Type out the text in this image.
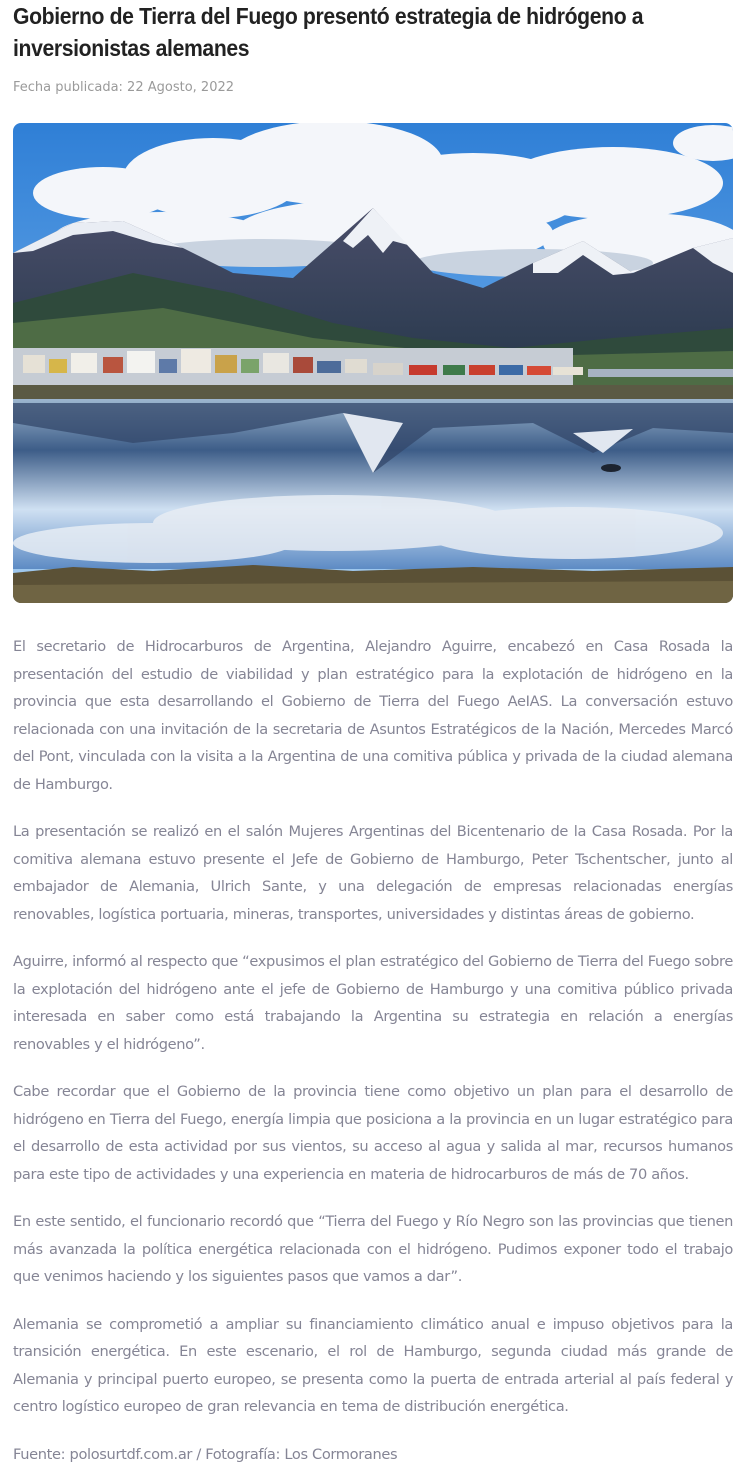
Gobierno de Tierra del Fuego presentó estrategia de hidrógeno a inversionistas alemanes
Fecha publicada: 22 Agosto, 2022

El secretario de Hidrocarburos de Argentina, Alejandro Aguirre, encabezó en Casa Rosada la presentación del estudio de viabilidad y plan estratégico para la explotación de hidrógeno en la provincia que esta desarrollando el Gobierno de Tierra del Fuego AeIAS. La conversación estuvo relacionada con una invitación de la secretaria de Asuntos Estratégicos de la Nación, Mercedes Marcó del Pont, vinculada con la visita a la Argentina de una comitiva pública y privada de la ciudad alemana de Hamburgo.

La presentación se realizó en el salón Mujeres Argentinas del Bicentenario de la Casa Rosada. Por la comitiva alemana estuvo presente el Jefe de Gobierno de Hamburgo, Peter Tschentscher, junto al embajador de Alemania, Ulrich Sante, y una delegación de empresas relacionadas energías renovables, logística portuaria, mineras, transportes, universidades y distintas áreas de gobierno.

Aguirre, informó al respecto que “expusimos el plan estratégico del Gobierno de Tierra del Fuego sobre la explotación del hidrógeno ante el jefe de Gobierno de Hamburgo y una comitiva público privada interesada en saber como está trabajando la Argentina su estrategia en relación a energías renovables y el hidrógeno”.

Cabe recordar que el Gobierno de la provincia tiene como objetivo un plan para el desarrollo de hidrógeno en Tierra del Fuego, energía limpia que posiciona a la provincia en un lugar estratégico para el desarrollo de esta actividad por sus vientos, su acceso al agua y salida al mar, recursos humanos para este tipo de actividades y una experiencia en materia de hidrocarburos de más de 70 años.

En este sentido, el funcionario recordó que “Tierra del Fuego y Río Negro son las provincias que tienen más avanzada la política energética relacionada con el hidrógeno. Pudimos exponer todo el trabajo que venimos haciendo y los siguientes pasos que vamos a dar”.

Alemania se comprometió a ampliar su financiamiento climático anual e impuso objetivos para la transición energética. En este escenario, el rol de Hamburgo, segunda ciudad más grande de Alemania y principal puerto europeo, se presenta como la puerta de entrada arterial al país federal y centro logístico europeo de gran relevancia en tema de distribución energética.

Fuente: polosurtdf.com.ar / Fotografía: Los Cormoranes
